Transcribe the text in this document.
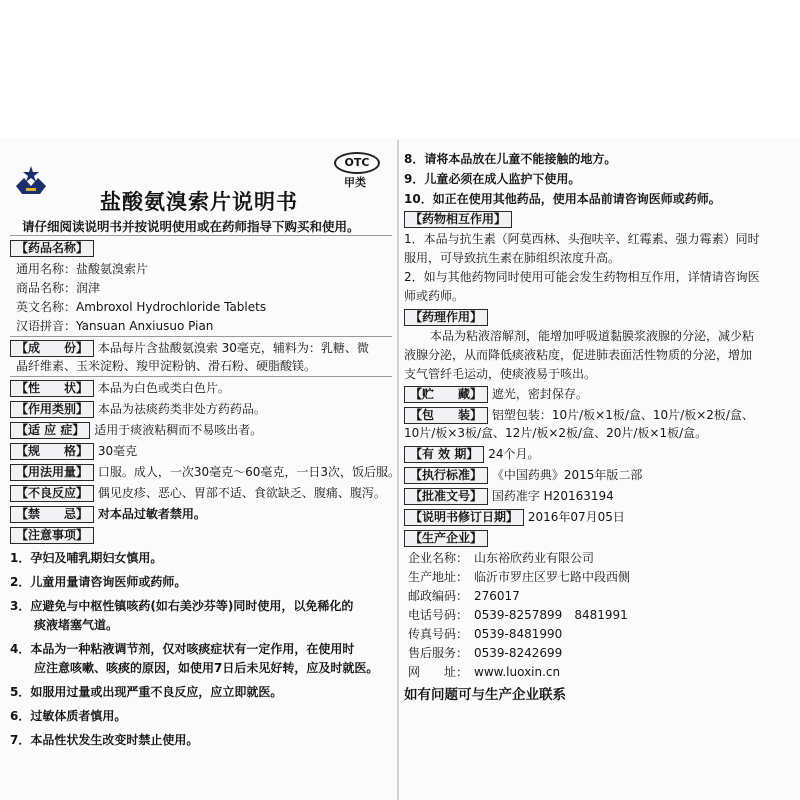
OTC
甲类
盐酸氨溴索片说明书
请仔细阅读说明书并按说明使用或在药师指导下购买和使用。
【药品名称】
通用名称：盐酸氨溴索片
商品名称：润津
英文名称：Ambroxol Hydrochloride Tablets
汉语拼音：Yansuan Anxiusuo Pian
【成　　份】 本品每片含盐酸氨溴索 30毫克，辅料为：乳糖、微
晶纤维素、玉米淀粉、羧甲淀粉钠、滑石粉、硬脂酸镁。
【性　　状】 本品为白色或类白色片。
【作用类别】 本品为祛痰药类非处方药药品。
【适 应 症】 适用于痰液粘稠而不易咳出者。
【规　　格】 30毫克
【用法用量】 口服。成人，一次30毫克～60毫克，一日3次，饭后服。
【不良反应】 偶见皮疹、恶心、胃部不适、食欲缺乏、腹痛、腹泻。
【禁　　忌】 对本品过敏者禁用。
【注意事项】
1．孕妇及哺乳期妇女慎用。
2．儿童用量请咨询医师或药师。
3．应避免与中枢性镇咳药(如右美沙芬等)同时使用，以免稀化的
痰液堵塞气道。
4．本品为一种粘液调节剂，仅对咳痰症状有一定作用，在使用时
应注意咳嗽、咳痰的原因，如使用7日后未见好转，应及时就医。
5．如服用过量或出现严重不良反应，应立即就医。
6．过敏体质者慎用。
7．本品性状发生改变时禁止使用。
8．请将本品放在儿童不能接触的地方。
9．儿童必须在成人监护下使用。
10．如正在使用其他药品，使用本品前请咨询医师或药师。
【药物相互作用】
1．本品与抗生素（阿莫西林、头孢呋辛、红霉素、强力霉素）同时
服用，可导致抗生素在肺组织浓度升高。
2．如与其他药物同时使用可能会发生药物相互作用，详情请咨询医
师或药师。
【药理作用】
本品为粘液溶解剂，能增加呼吸道黏膜浆液腺的分泌，减少粘
液腺分泌，从而降低痰液粘度，促进肺表面活性物质的分泌，增加
支气管纤毛运动，使痰液易于咳出。
【贮　　藏】 遮光，密封保存。
【包　　装】 铝塑包装：10片/板×1板/盒、10片/板×2板/盒、
10片/板×3板/盒、12片/板×2板/盒、20片/板×1板/盒。
【有 效 期】 24个月。
【执行标准】 《中国药典》2015年版二部
【批准文号】 国药准字 H20163194
【说明书修订日期】 2016年07月05日
【生产企业】
企业名称：　山东裕欣药业有限公司
生产地址：　临沂市罗庄区罗七路中段西侧
邮政编码：　276017
电话号码：　0539-8257899　8481991
传真号码：　0539-8481990
售后服务：　0539-8242699
网　　址：　www.luoxin.cn
如有问题可与生产企业联系
